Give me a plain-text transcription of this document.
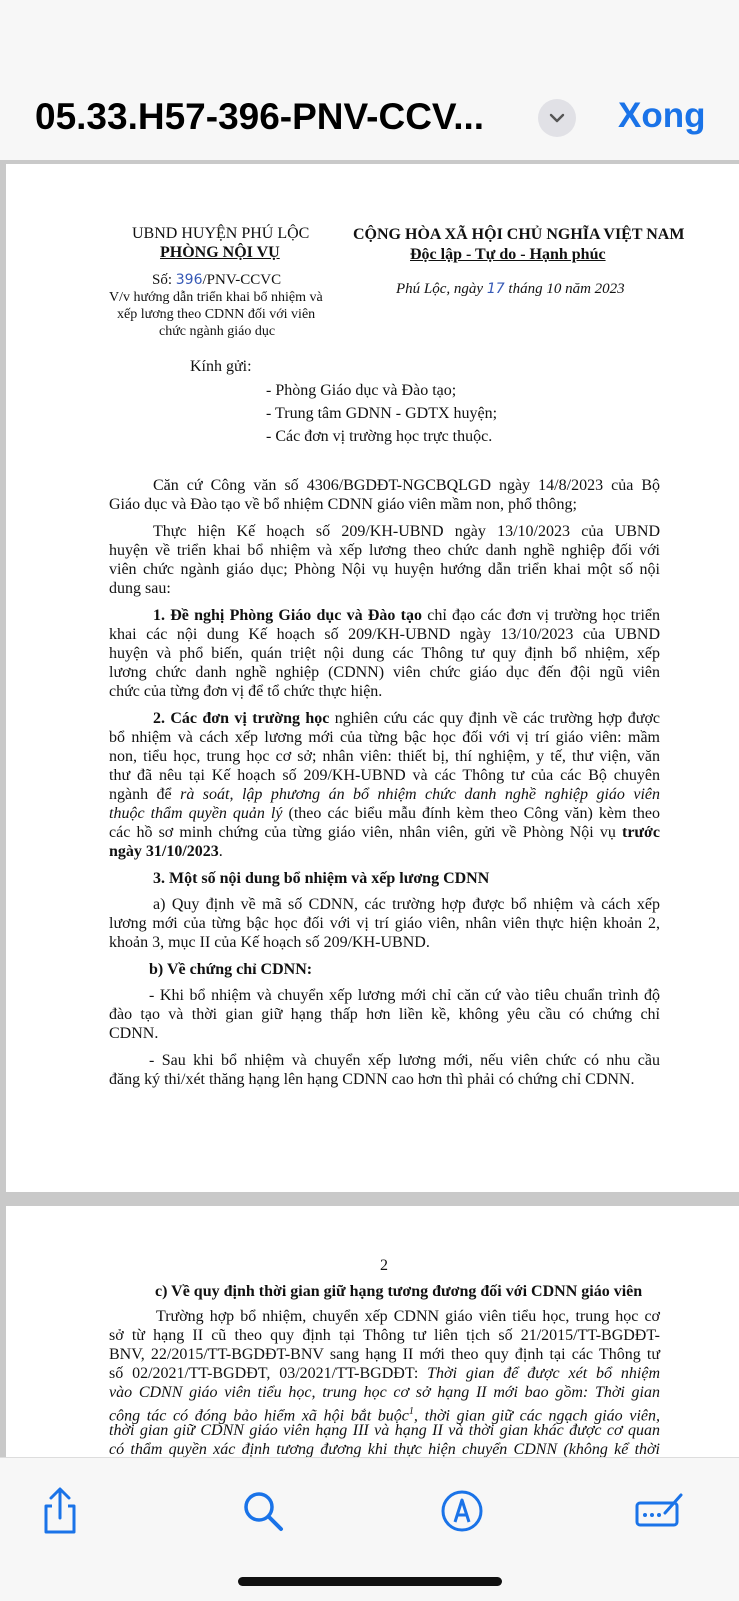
05.33.H57-396-PNV-CCV...	Xong
UBND HUYỆN PHÚ LỘC
PHÒNG NỘI VỤ
Số: 396/PNV-CCVC
V/v hướng dẫn triển khai bổ nhiệm và
xếp lương theo CDNN đối với viên
chức ngành giáo dục
CỘNG HÒA XÃ HỘI CHỦ NGHĨA VIỆT NAM
Độc lập - Tự do - Hạnh phúc
Phú Lộc, ngày 17 tháng 10 năm 2023
Kính gửi:
- Phòng Giáo dục và Đào tạo;
- Trung tâm GDNN - GDTX huyện;
- Các đơn vị trường học trực thuộc.
Căn cứ Công văn số 4306/BGDĐT-NGCBQLGD ngày 14/8/2023 của Bộ
Giáo dục và Đào tạo về bổ nhiệm CDNN giáo viên mầm non, phổ thông;
Thực hiện Kế hoạch số 209/KH-UBND ngày 13/10/2023 của UBND
huyện về triển khai bổ nhiệm và xếp lương theo chức danh nghề nghiệp đối với
viên chức ngành giáo dục; Phòng Nội vụ huyện hướng dẫn triển khai một số nội
dung sau:
1. Đề nghị Phòng Giáo dục và Đào tạo chỉ đạo các đơn vị trường học triển
khai các nội dung Kế hoạch số 209/KH-UBND ngày 13/10/2023 của UBND
huyện và phổ biến, quán triệt nội dung các Thông tư quy định bổ nhiệm, xếp
lương chức danh nghề nghiệp (CDNN) viên chức giáo dục đến đội ngũ viên
chức của từng đơn vị để tổ chức thực hiện.
2. Các đơn vị trường học nghiên cứu các quy định về các trường hợp được
bổ nhiệm và cách xếp lương mới của từng bậc học đối với vị trí giáo viên: mầm
non, tiểu học, trung học cơ sở; nhân viên: thiết bị, thí nghiệm, y tế, thư viện, văn
thư đã nêu tại Kế hoạch số 209/KH-UBND và các Thông tư của các Bộ chuyên
ngành để rà soát, lập phương án bổ nhiệm chức danh nghề nghiệp giáo viên
thuộc thẩm quyền quản lý (theo các biểu mẫu đính kèm theo Công văn) kèm theo
các hồ sơ minh chứng của từng giáo viên, nhân viên, gửi về Phòng Nội vụ trước
ngày 31/10/2023.
3. Một số nội dung bổ nhiệm và xếp lương CDNN
a) Quy định về mã số CDNN, các trường hợp được bổ nhiệm và cách xếp
lương mới của từng bậc học đối với vị trí giáo viên, nhân viên thực hiện khoản 2,
khoản 3, mục II của Kế hoạch số 209/KH-UBND.
b) Về chứng chỉ CDNN:
- Khi bổ nhiệm và chuyển xếp lương mới chỉ căn cứ vào tiêu chuẩn trình độ
đào tạo và thời gian giữ hạng thấp hơn liền kề, không yêu cầu có chứng chỉ
CDNN.
- Sau khi bổ nhiệm và chuyển xếp lương mới, nếu viên chức có nhu cầu
đăng ký thi/xét thăng hạng lên hạng CDNN cao hơn thì phải có chứng chỉ CDNN.
2
c) Về quy định thời gian giữ hạng tương đương đối với CDNN giáo viên
Trường hợp bổ nhiệm, chuyển xếp CDNN giáo viên tiểu học, trung học cơ
sở từ hạng II cũ theo quy định tại Thông tư liên tịch số 21/2015/TT-BGDĐT-
BNV, 22/2015/TT-BGDĐT-BNV sang hạng II mới theo quy định tại các Thông tư
số 02/2021/TT-BGDĐT, 03/2021/TT-BGDĐT: Thời gian để được xét bổ nhiệm
vào CDNN giáo viên tiểu học, trung học cơ sở hạng II mới bao gồm: Thời gian
công tác có đóng bảo hiểm xã hội bắt buộc$^1$, thời gian giữ các ngạch giáo viên,
thời gian giữ CDNN giáo viên hạng III và hạng II và thời gian khác được cơ quan
có thẩm quyền xác định tương đương khi thực hiện chuyển CDNN (không kể thời
